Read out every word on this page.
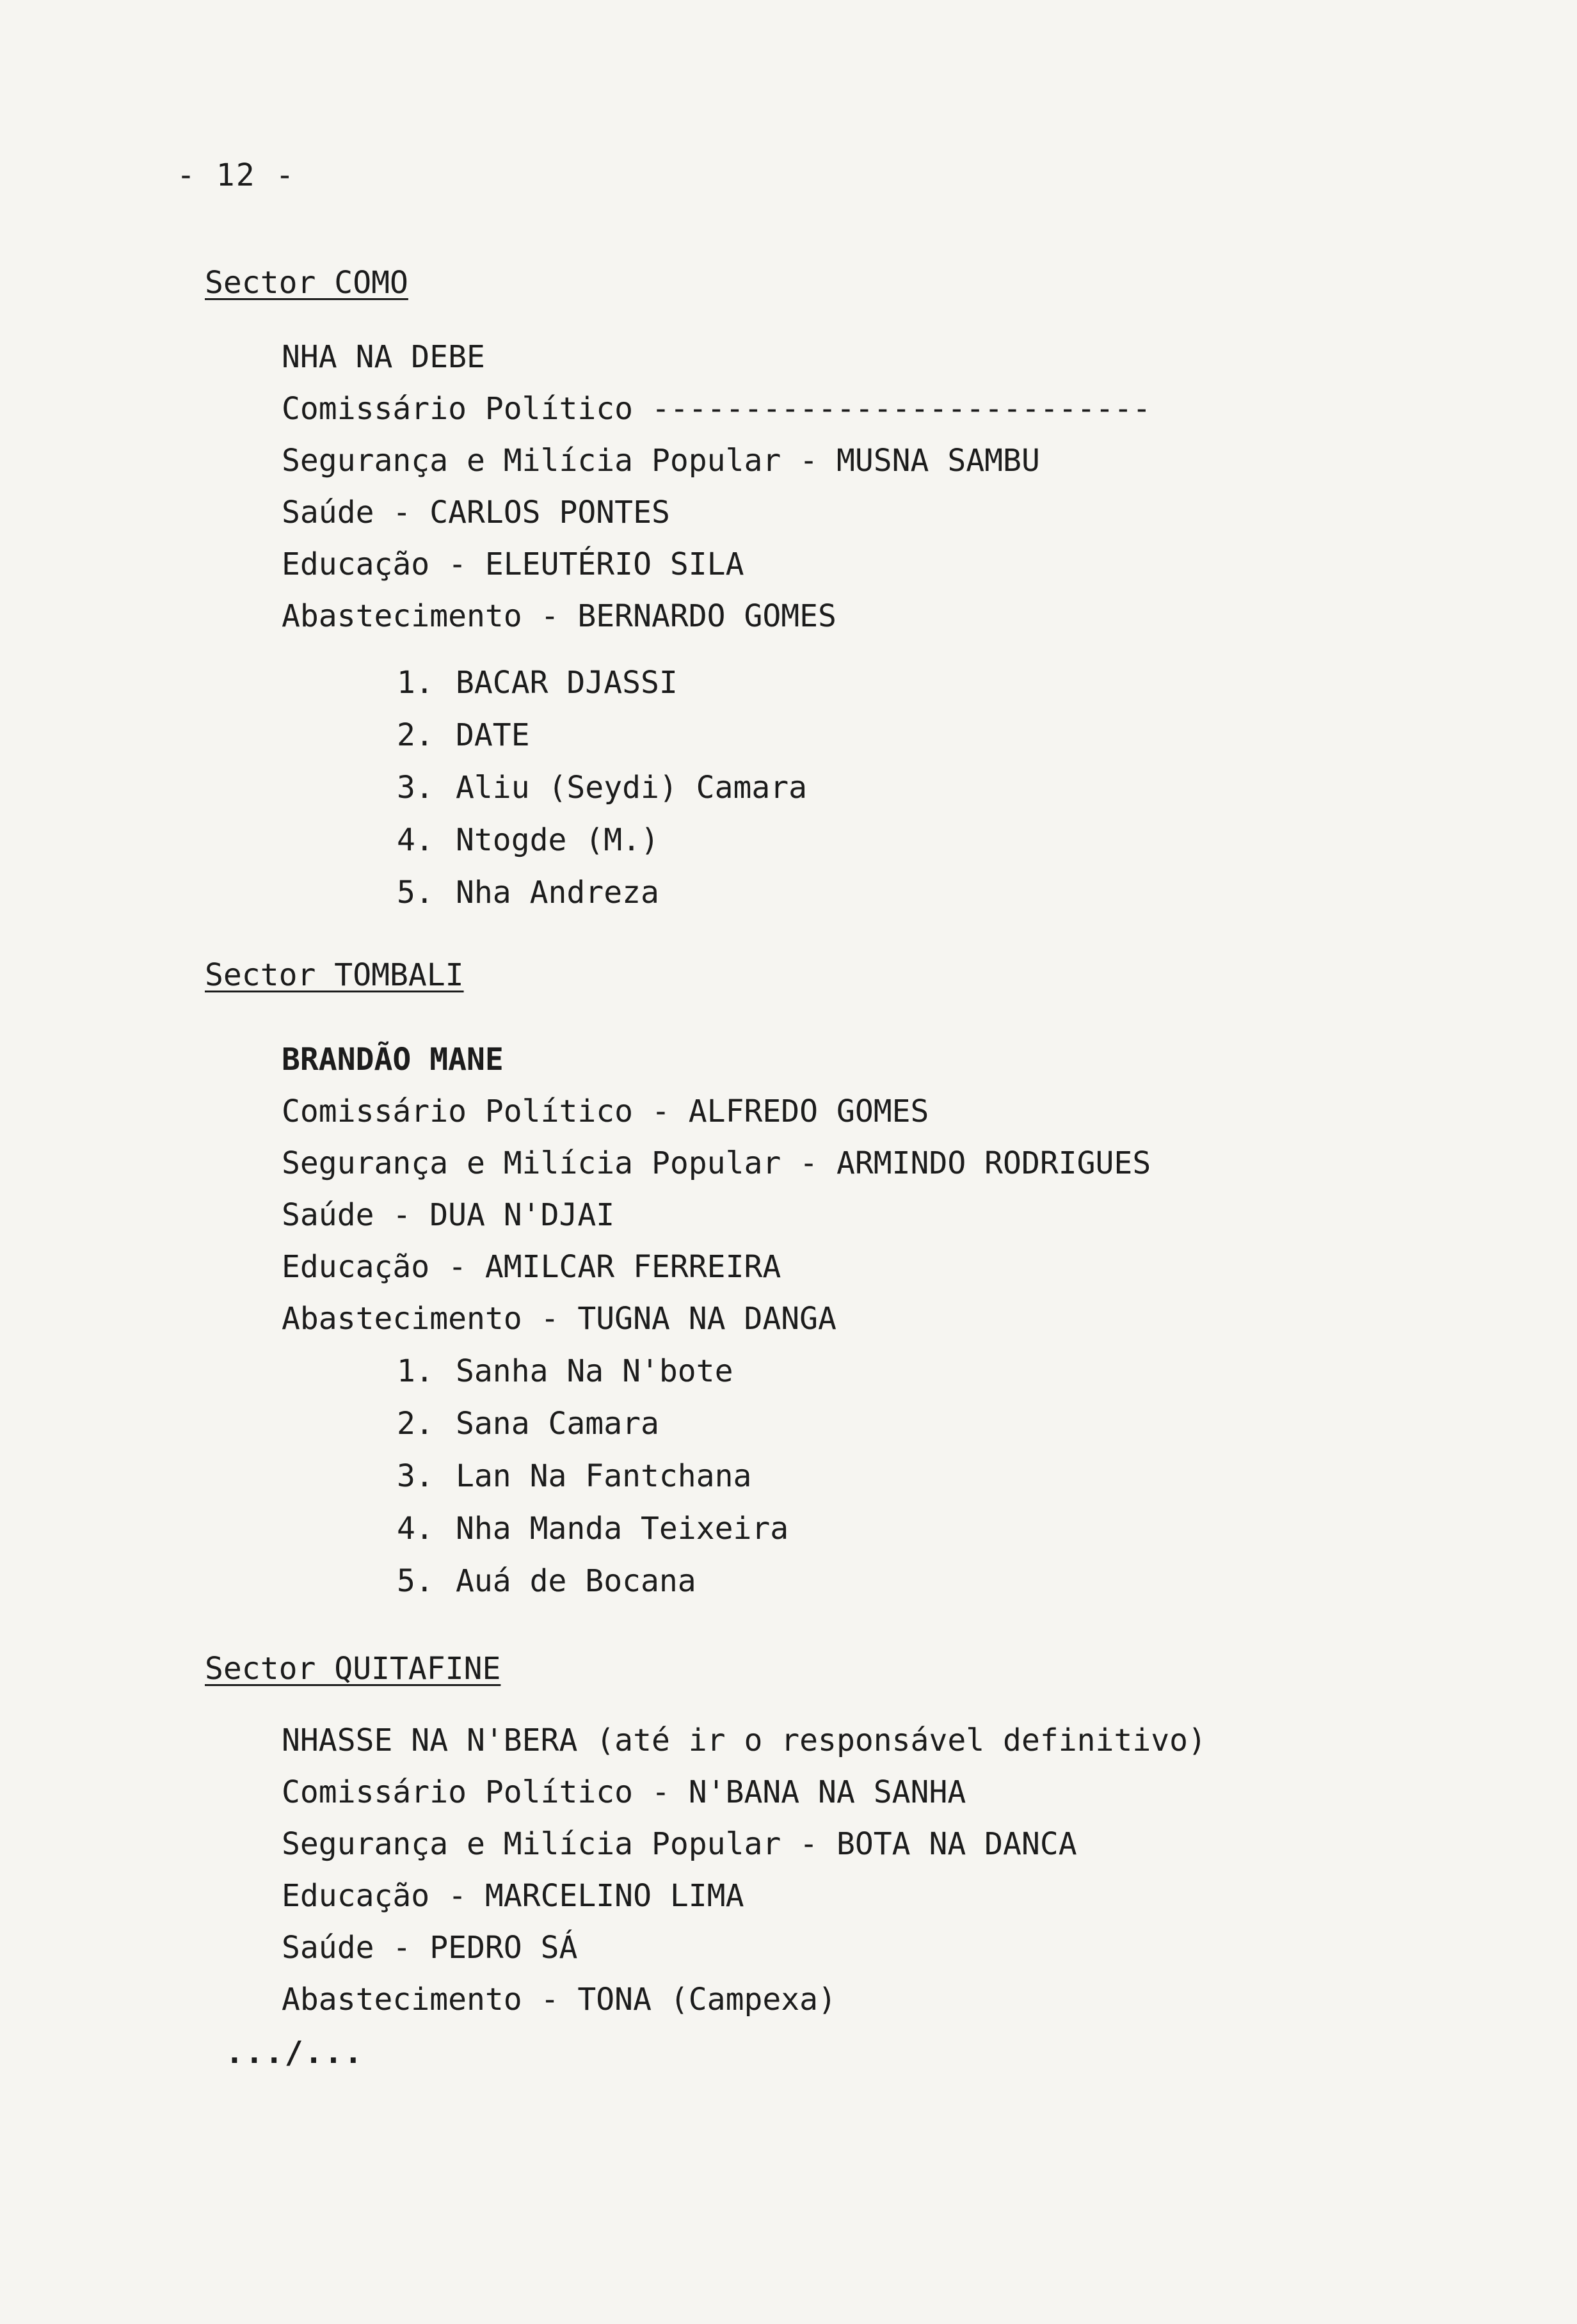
- 12 -
Sector COMO
NHA NA DEBE
Comissário Político ---------------------------
Segurança e Milícia Popular - MUSNA SAMBU
Saúde - CARLOS PONTES
Educação - ELEUTÉRIO SILA
Abastecimento - BERNARDO GOMES
1. BACAR DJASSI
2. DATE
3. Aliu (Seydi) Camara
4. Ntogde (M.)
5. Nha Andreza
Sector TOMBALI
BRANDÃO MANE
Comissário Político - ALFREDO GOMES
Segurança e Milícia Popular - ARMINDO RODRIGUES
Saúde - DUA N'DJAI
Educação - AMILCAR FERREIRA
Abastecimento - TUGNA NA DANGA
1. Sanha Na N'bote
2. Sana Camara
3. Lan Na Fantchana
4. Nha Manda Teixeira
5. Auá de Bocana
Sector QUITAFINE
NHASSE NA N'BERA (até ir o responsável definitivo)
Comissário Político - N'BANA NA SANHA
Segurança e Milícia Popular - BOTA NA DANCA
Educação - MARCELINO LIMA
Saúde - PEDRO SÁ
Abastecimento - TONA (Campexa)
.../...
